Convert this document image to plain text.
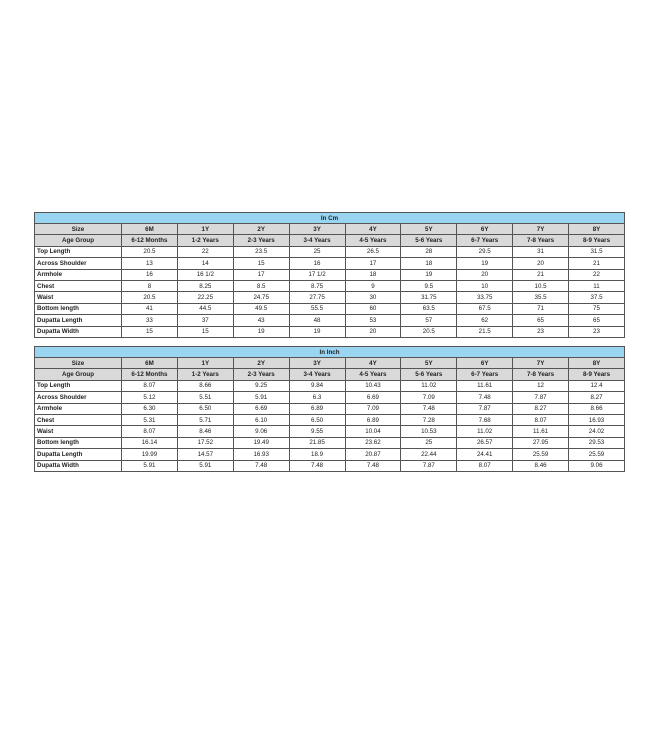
In Cm									
Size	6M	1Y	2Y	3Y	4Y	5Y	6Y	7Y	8Y
Age Group	6-12 Months	1-2 Years	2-3 Years	3-4 Years	4-5 Years	5-6 Years	6-7 Years	7-8 Years	8-9 Years
Top Length	20.5	22	23.5	25	26.5	28	29.5	31	31.5
Across Shoulder	13	14	15	16	17	18	19	20	21
Armhole	16	16 1/2	17	17 1/2	18	19	20	21	22
Chest	8	8.25	8.5	8.75	9	9.5	10	10.5	11
Waist	20.5	22.25	24.75	27.75	30	31.75	33.75	35.5	37.5
Bottom length	41	44.5	49.5	55.5	60	63.5	67.5	71	75
Dupatta Length	33	37	43	48	53	57	62	65	65
Dupatta Width	15	15	19	19	20	20.5	21.5	23	23
In Inch									
Size	6M	1Y	2Y	3Y	4Y	5Y	6Y	7Y	8Y
Age Group	6-12 Months	1-2 Years	2-3 Years	3-4 Years	4-5 Years	5-6 Years	6-7 Years	7-8 Years	8-9 Years
Top Length	8.07	8.66	9.25	9.84	10.43	11.02	11.61	12	12.4
Across Shoulder	5.12	5.51	5.91	6.3	6.69	7.09	7.48	7.87	8.27
Armhole	6.30	6.50	6.69	6.89	7.09	7.48	7.87	8.27	8.66
Chest	5.31	5.71	6.10	6.50	6.89	7.28	7.68	8.07	16.93
Waist	8.07	8.46	9.06	9.55	10.04	10.53	11.02	11.61	24.02
Bottom length	16.14	17.52	19.49	21.85	23.62	25	26.57	27.95	29.53
Dupatta Length	19.99	14.57	16.93	18.9	20.87	22.44	24.41	25.59	25.59
Dupatta Width	5.91	5.91	7.48	7.48	7.48	7.87	8.07	8.46	9.06
